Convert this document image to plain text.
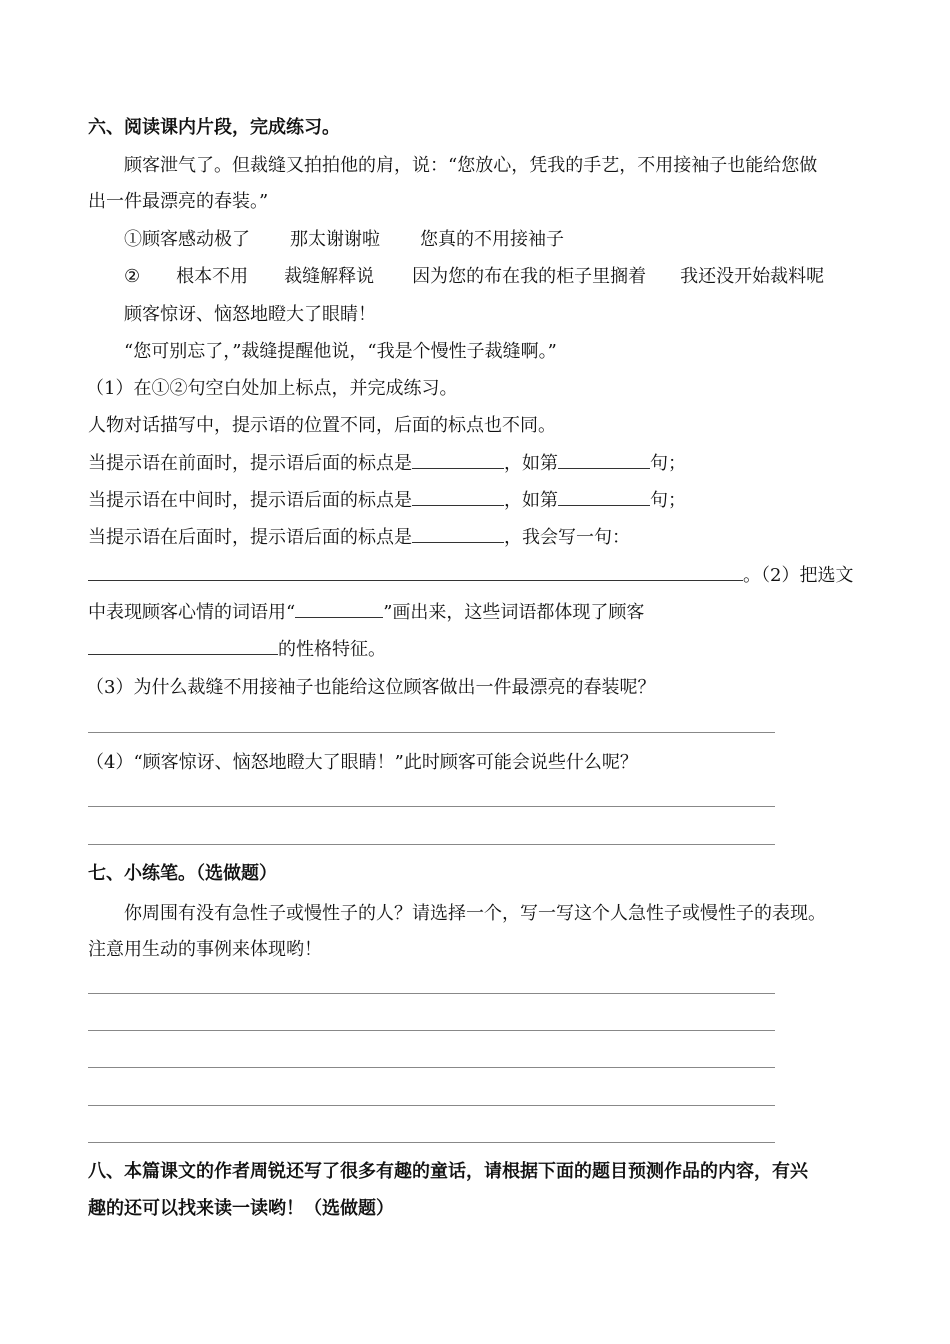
六、阅读课内片段，完成练习。
顾客泄气了。但裁缝又拍拍他的肩，说：“您放心，凭我的手艺，不用接袖子也能给您做
出一件最漂亮的春装。”
①顾客感动极了 那太谢谢啦 您真的不用接袖子
② 根本不用 裁缝解释说 因为您的布在我的柜子里搁着 我还没开始裁料呢
顾客惊讶、恼怒地瞪大了眼睛！
“您可别忘了，”裁缝提醒他说，“我是个慢性子裁缝啊。”
（1）在①②句空白处加上标点，并完成练习。
人物对话描写中，提示语的位置不同，后面的标点也不同。
当提示语在前面时，提示语后面的标点是	，如第	句；
当提示语在中间时，提示语后面的标点是	，如第	句；
当提示语在后面时，提示语后面的标点是	，我会写一句：
。（2）把选文
中表现顾客心情的词语用“	”画出来，这些词语都体现了顾客
的性格特征。
（3）为什么裁缝不用接袖子也能给这位顾客做出一件最漂亮的春装呢？
（4）“顾客惊讶、恼怒地瞪大了眼睛！”此时顾客可能会说些什么呢？
七、小练笔。（选做题）
你周围有没有急性子或慢性子的人？请选择一个，写一写这个人急性子或慢性子的表现。
注意用生动的事例来体现哟！
八、本篇课文的作者周锐还写了很多有趣的童话，请根据下面的题目预测作品的内容，有兴
趣的还可以找来读一读哟！（选做题）
